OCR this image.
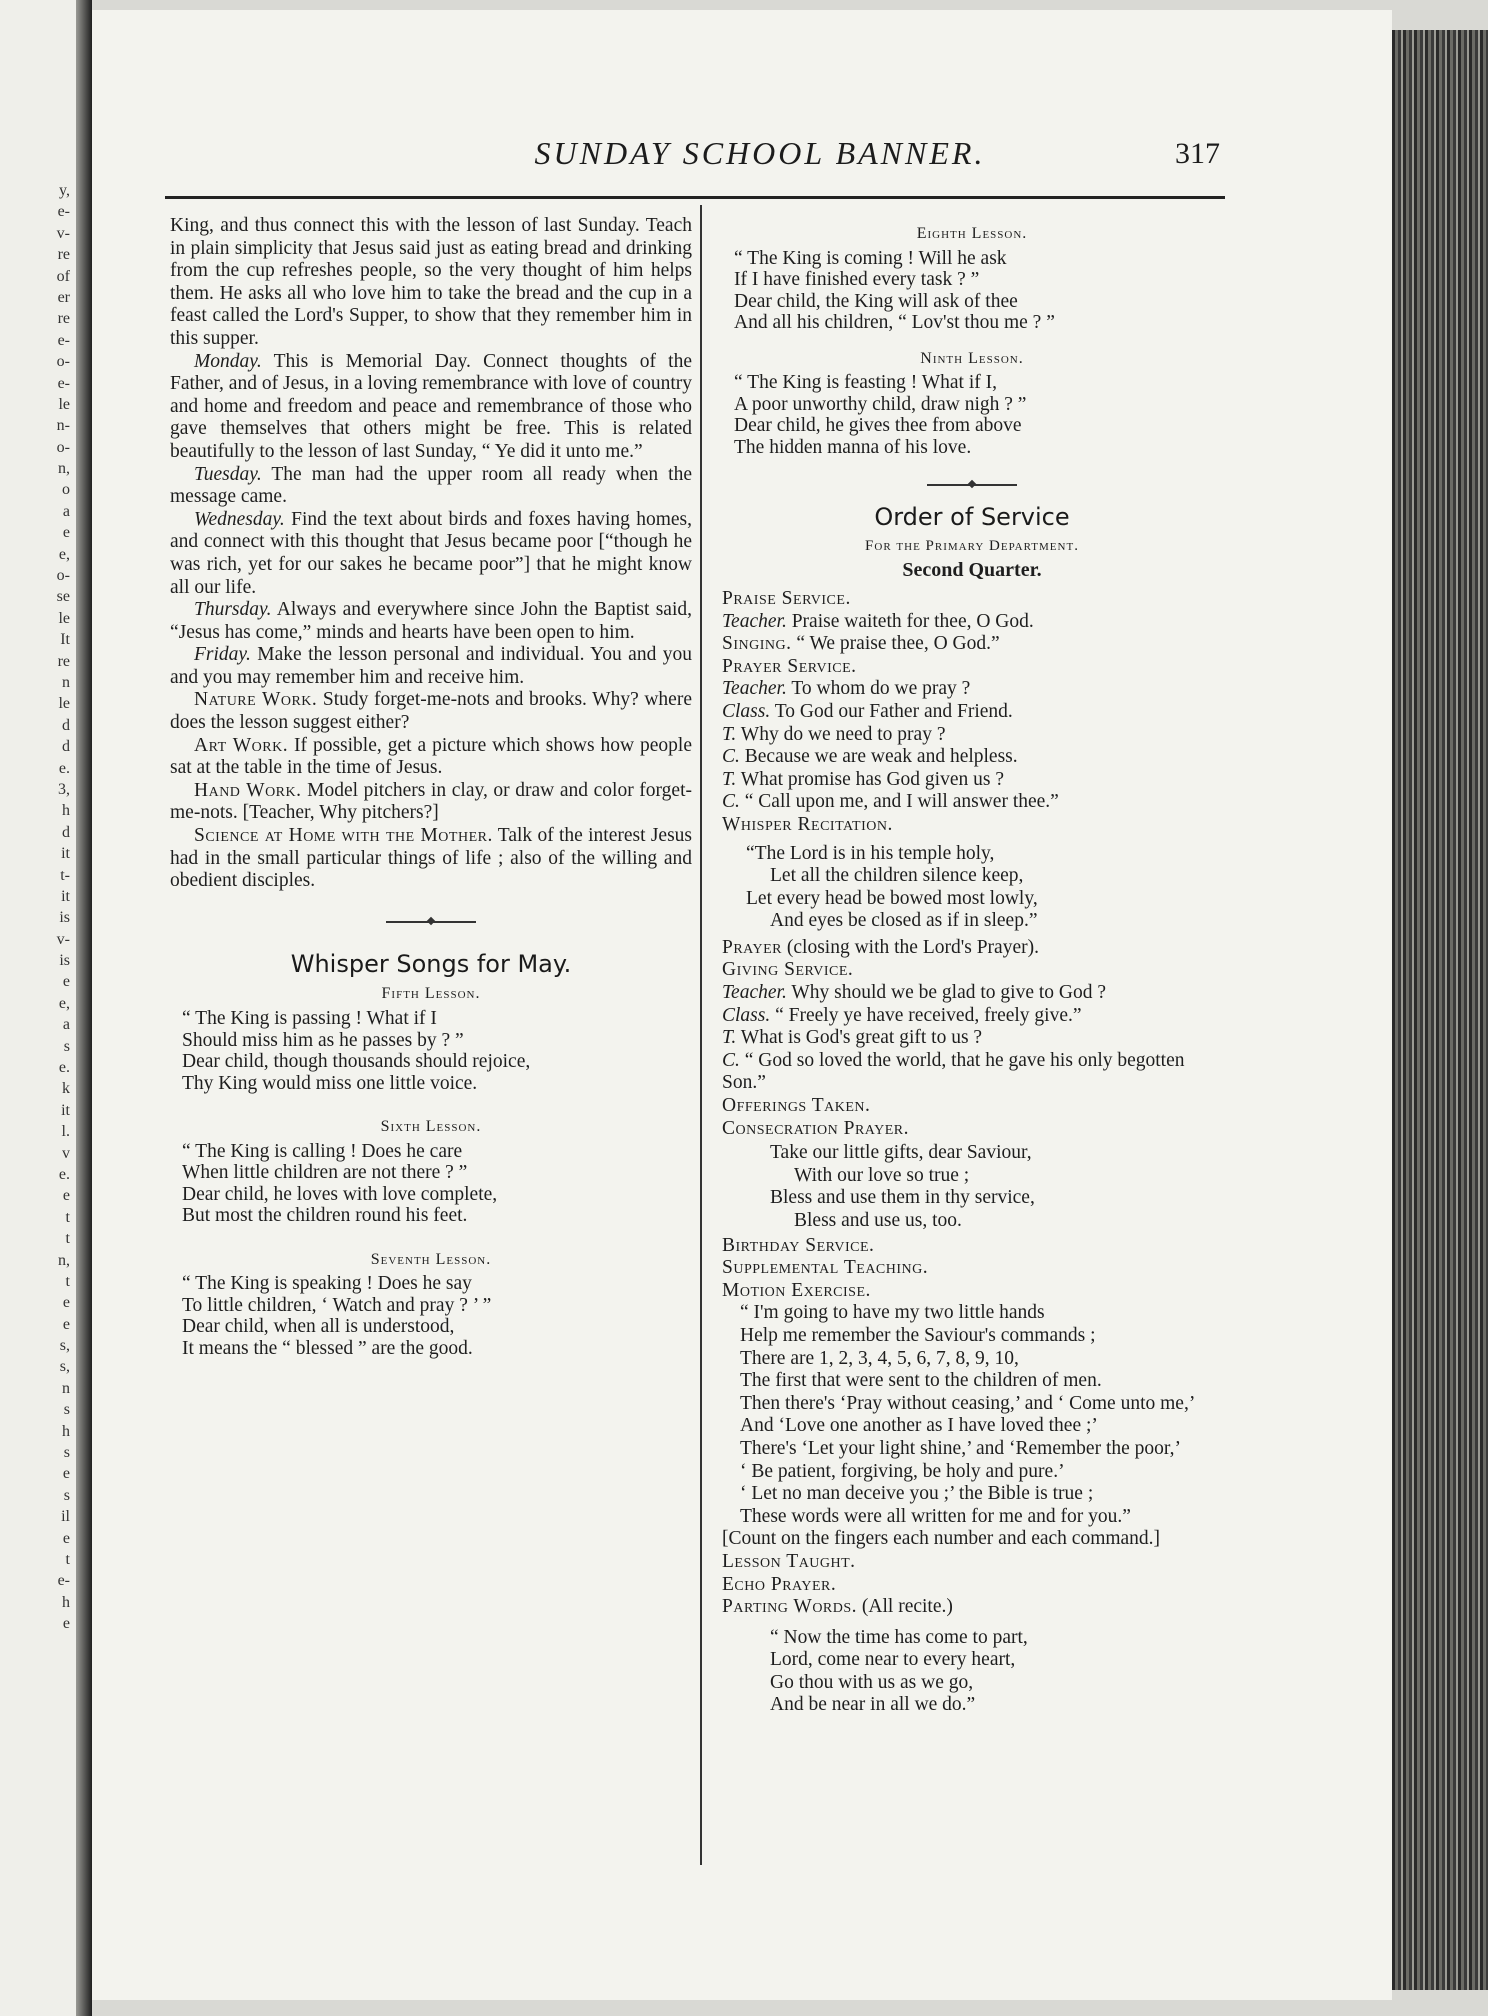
y,
e-
v-
re
of
er
re
e-
o-
e-
le
n-
o-
n,
o
a
e
e,
o-
se
le
It
re
n
le
d
d
e.
3,
h
d
it
t-
it
is
v-
is
e
e,
a
s
e.
k
it
l.
v
e.
e
t
t
n,
t
e
e
s,
s,
n
s
h
s
e
s
il
e
t
e-
h
e
SUNDAY SCHOOL BANNER.	317

King, and thus connect this with the lesson of last Sunday. Teach in plain simplicity that Jesus said just as eating bread and drinking from the cup refreshes people, so the very thought of him helps them. He asks all who love him to take the bread and the cup in a feast called the Lord's Supper, to show that they remember him in this supper.

Monday. This is Memorial Day. Connect thoughts of the Father, and of Jesus, in a loving remembrance with love of country and home and freedom and peace and remembrance of those who gave themselves that others might be free. This is related beautifully to the lesson of last Sunday, “ Ye did it unto me.”

Tuesday. The man had the upper room all ready when the message came.

Wednesday. Find the text about birds and foxes having homes, and connect with this thought that Jesus became poor [“though he was rich, yet for our sakes he became poor”] that he might know all our life.

Thursday. Always and everywhere since John the Baptist said, “Jesus has come,” minds and hearts have been open to him.

Friday. Make the lesson personal and individual. You and you and you may remember him and receive him.

Nature Work. Study forget-me-nots and brooks. Why? where does the lesson suggest either?

Art Work. If possible, get a picture which shows how people sat at the table in the time of Jesus.

Hand Work. Model pitchers in clay, or draw and color forget-me-nots. [Teacher, Why pitchers?]

Science at Home with the Mother. Talk of the interest Jesus had in the small particular things of life ; also of the willing and obedient disciples.

Whisper Songs for May.
Fifth Lesson.
“ The King is passing ! What if I
Should miss him as he passes by ? ”
Dear child, though thousands should rejoice,
Thy King would miss one little voice.
Sixth Lesson.
“ The King is calling ! Does he care
When little children are not there ? ”
Dear child, he loves with love complete,
But most the children round his feet.
Seventh Lesson.
“ The King is speaking ! Does he say
To little children, ‘ Watch and pray ? ’ ”
Dear child, when all is understood,
It means the “ blessed ” are the good.
Eighth Lesson.
“ The King is coming ! Will he ask
If I have finished every task ? ”
Dear child, the King will ask of thee
And all his children, “ Lov'st thou me ? ”
Ninth Lesson.
“ The King is feasting ! What if I,
A poor unworthy child, draw nigh ? ”
Dear child, he gives thee from above
The hidden manna of his love.
Order of Service
For the Primary Department.
Second Quarter.
Praise Service.
Teacher. Praise waiteth for thee, O God.
Singing. “ We praise thee, O God.”
Prayer Service.
Teacher. To whom do we pray ?
Class. To God our Father and Friend.
T. Why do we need to pray ?
C. Because we are weak and helpless.
T. What promise has God given us ?
C. “ Call upon me, and I will answer thee.”
Whisper Recitation.
“The Lord is in his temple holy,
Let all the children silence keep,
Let every head be bowed most lowly,
And eyes be closed as if in sleep.”
Prayer (closing with the Lord's Prayer).
Giving Service.
Teacher. Why should we be glad to give to God ?
Class. “ Freely ye have received, freely give.”
T. What is God's great gift to us ?
C. “ God so loved the world, that he gave his only begotten Son.”
Offerings Taken.
Consecration Prayer.
Take our little gifts, dear Saviour,
With our love so true ;
Bless and use them in thy service,
Bless and use us, too.
Birthday Service.
Supplemental Teaching.
Motion Exercise.
“ I'm going to have my two little hands
Help me remember the Saviour's commands ;
There are 1, 2, 3, 4, 5, 6, 7, 8, 9, 10,
The first that were sent to the children of men.
Then there's ‘Pray without ceasing,’ and ‘ Come unto me,’
And ‘Love one another as I have loved thee ;’
There's ‘Let your light shine,’ and ‘Remember the poor,’
‘ Be patient, forgiving, be holy and pure.’
‘ Let no man deceive you ;’ the Bible is true ;
These words were all written for me and for you.”
[Count on the fingers each number and each command.]
Lesson Taught.
Echo Prayer.
Parting Words. (All recite.)
“ Now the time has come to part,
Lord, come near to every heart,
Go thou with us as we go,
And be near in all we do.”
